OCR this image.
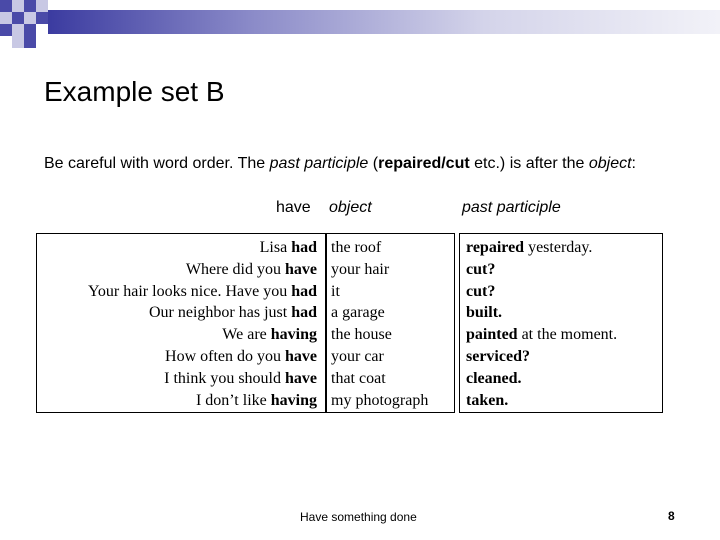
Example set B
Be careful with word order. The past participle (repaired/cut etc.) is after the object:
have object	past participle
Lisa had
Where did you have
Your hair looks nice. Have you had
Our neighbor has just had
We are having
How often do you have
I think you should have
I don’t like having
the roof
your hair
it
a garage
the house
your car
that coat
my photograph
repaired yesterday.
cut?
cut?
built.
painted at the moment.
serviced?
cleaned.
taken.
Have something done	8
